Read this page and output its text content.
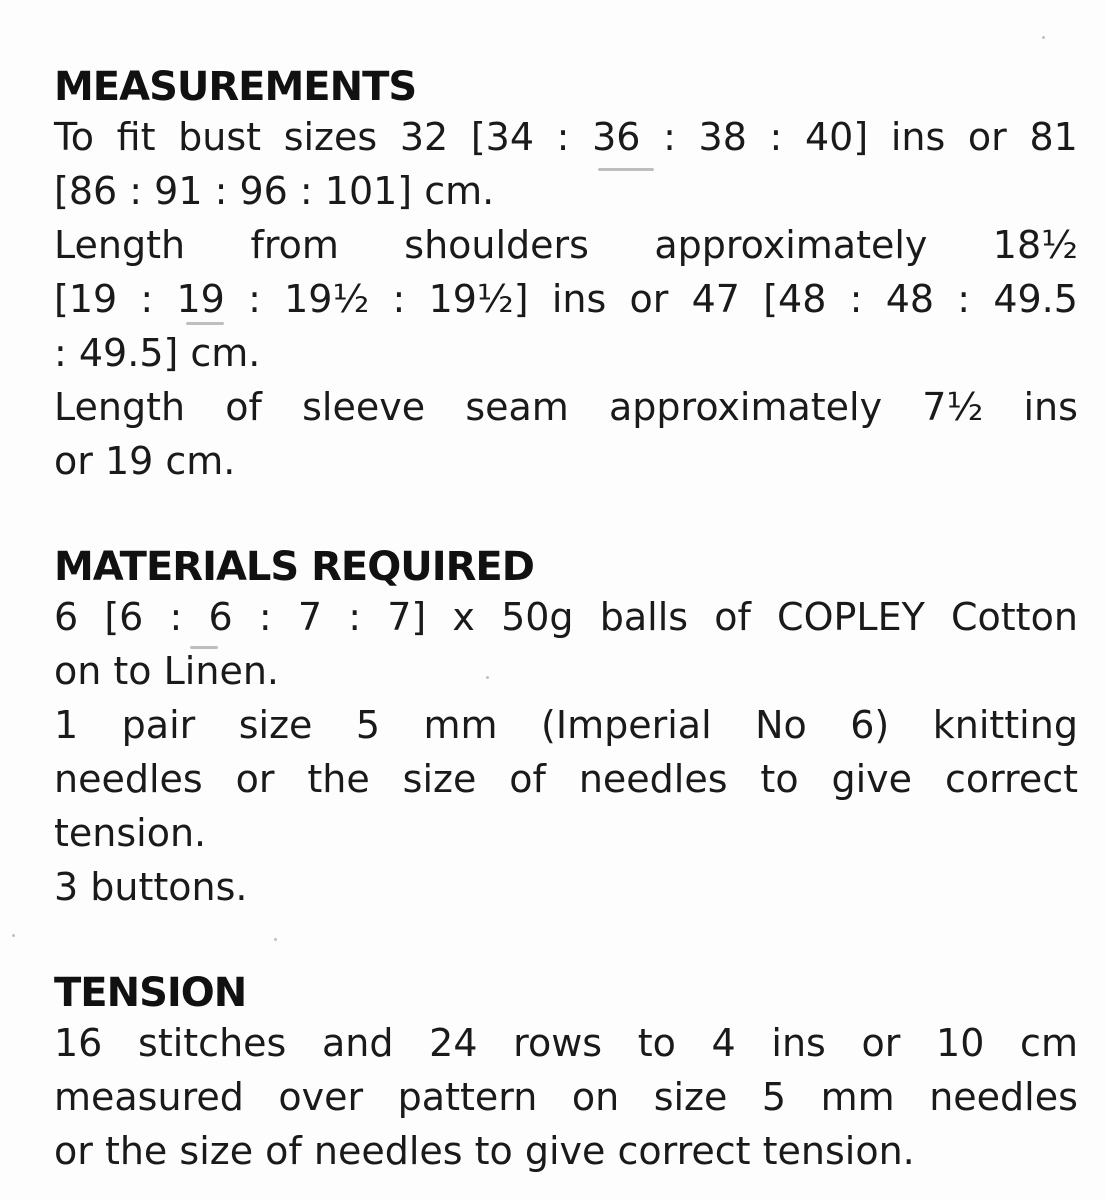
MEASUREMENTS
To fit bust sizes 32 [34 : 36 : 38 : 40] ins or 81
[86 : 91 : 96 : 101] cm.
Length from shoulders approximately 18½
[19 : 19 : 19½ : 19½] ins or 47 [48 : 48 : 49.5
: 49.5] cm.
Length of sleeve seam approximately 7½ ins
or 19 cm.
MATERIALS REQUIRED
6 [6 : 6 : 7 : 7] x 50g balls of COPLEY Cotton
on to Linen.
1 pair size 5 mm (Imperial No 6) knitting
needles or the size of needles to give correct
tension.
3 buttons.
TENSION
16 stitches and 24 rows to 4 ins or 10 cm
measured over pattern on size 5 mm needles
or the size of needles to give correct tension.
